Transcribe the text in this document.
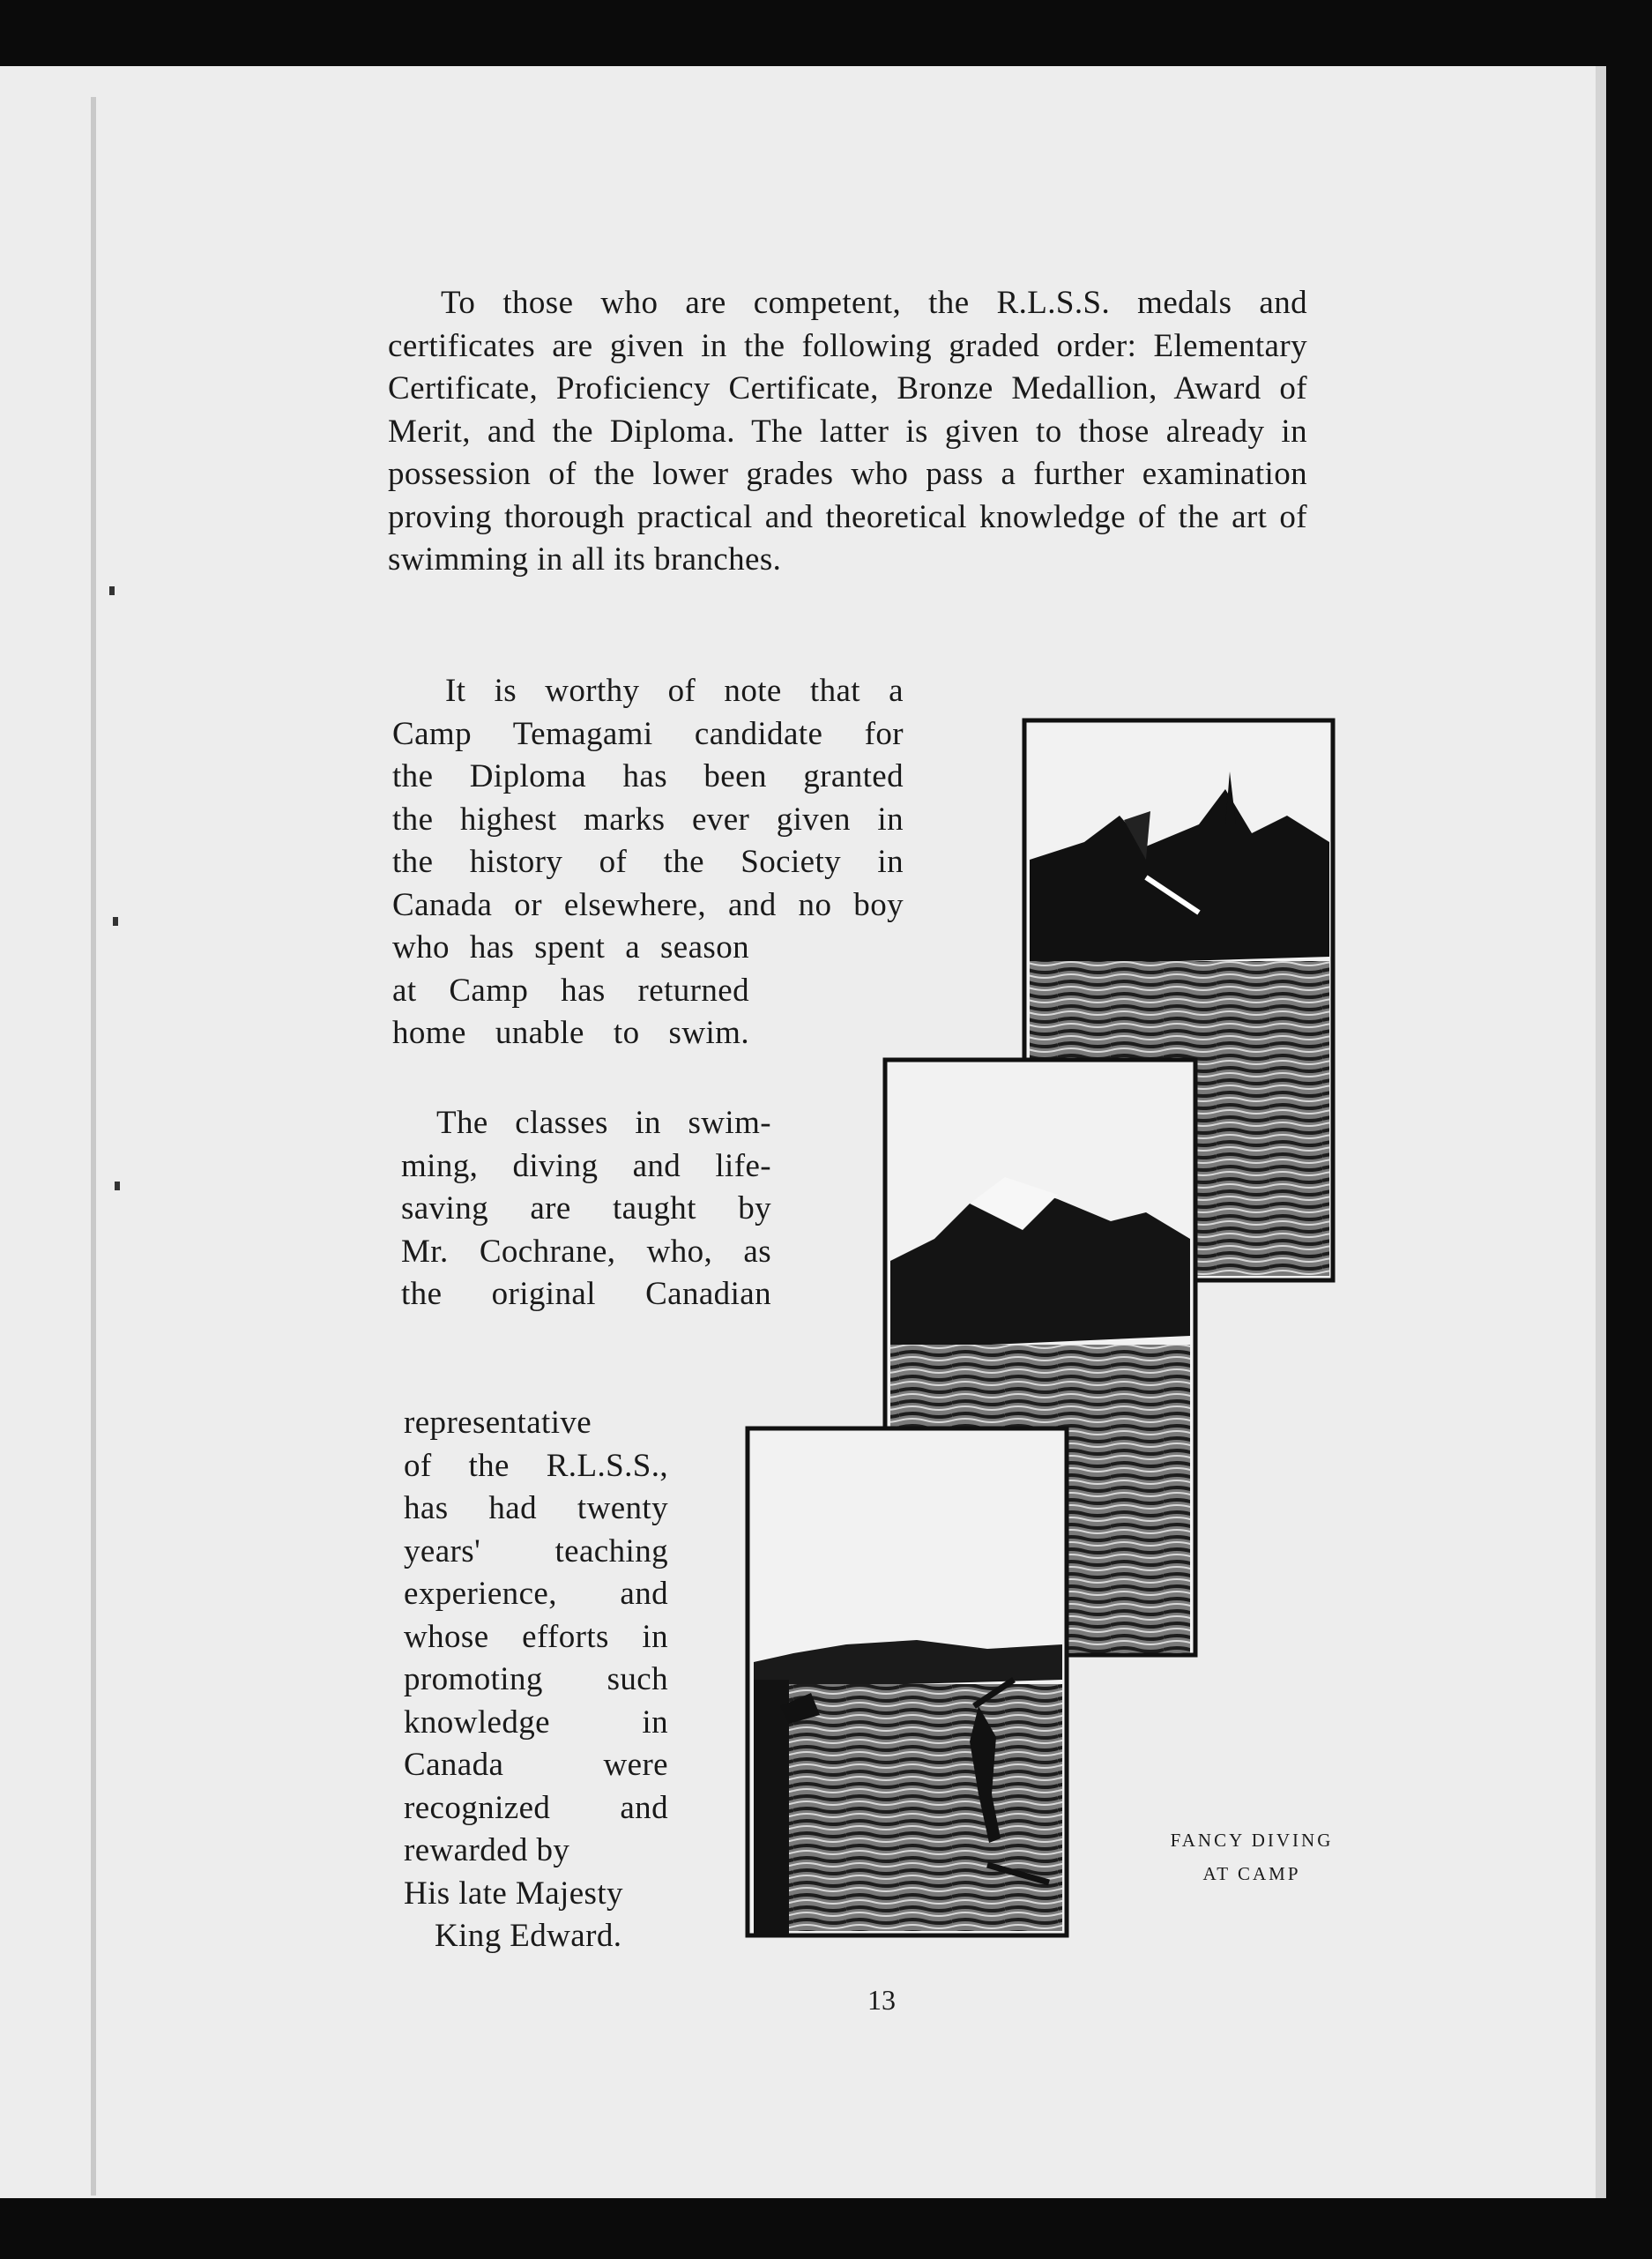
To those who are competent, the R.L.S.S. medals and certificates are given in the following graded order: Elementary Certificate, Proficiency Certificate, Bronze Medallion, Award of Merit, and the Diploma. The latter is given to those already in possession of the lower grades who pass a further examination proving thorough practical and theoretical knowledge of the art of swimming in all its branches.

It is worthy of note that a
Camp Temagami candidate for
the Diploma has been granted
the highest marks ever given in
the history of the Society in
Canada or elsewhere, and no boy
who has spent a season
at Camp has returned
home unable to swim.
The classes in swim-
ming, diving and life-
saving are taught by
Mr. Cochrane, who, as
the original Canadian
representative
of the R.L.S.S.,
has had twenty
years' teaching
experience, and
whose efforts in
promoting such
knowledge in
Canada were
recognized and
rewarded by
His late Majesty
King Edward.
FANCY DIVING
AT CAMP
13
